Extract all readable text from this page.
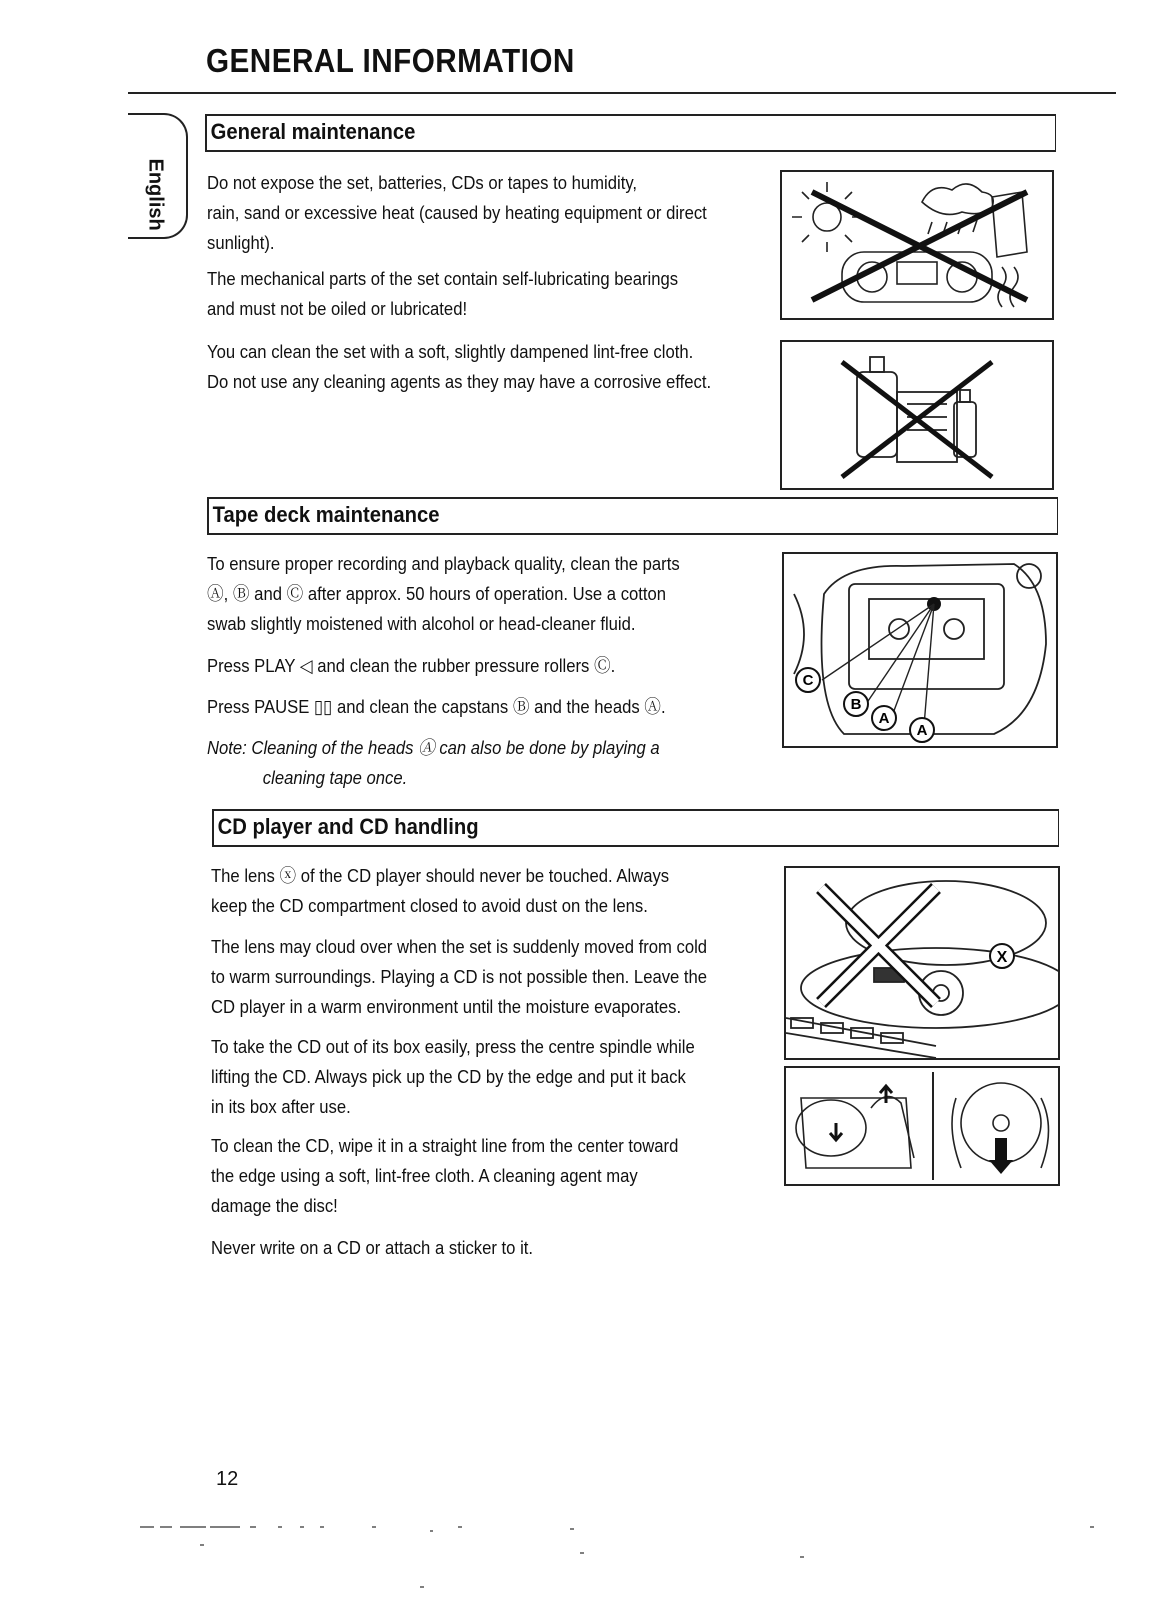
GENERAL INFORMATION
English
General maintenance
Do not expose the set, batteries, CDs or tapes to humidity,
rain, sand or excessive heat (caused by heating equipment or direct
sunlight).
The mechanical parts of the set contain self-lubricating bearings
and must not be oiled or lubricated!
You can clean the set with a soft, slightly dampened lint-free cloth.
Do not use any cleaning agents as they may have a corrosive effect.
Tape deck maintenance
To ensure proper recording and playback quality, clean the parts
Ⓐ, Ⓑ and Ⓒ after approx. 50 hours of operation. Use a cotton
swab slightly moistened with alcohol or head-cleaner fluid.
Press PLAY ◁ and clean the rubber pressure rollers Ⓒ.
Press PAUSE ▯▯ and clean the capstans Ⓑ and the heads Ⓐ.
Note: Cleaning of the heads Ⓐ can also be done by playing a
cleaning tape once.
C
B
A
A
CD player and CD handling
The lens ⓧ of the CD player should never be touched. Always
keep the CD compartment closed to avoid dust on the lens.
The lens may cloud over when the set is suddenly moved from cold
to warm surroundings. Playing a CD is not possible then. Leave the
CD player in a warm environment until the moisture evaporates.
To take the CD out of its box easily, press the centre spindle while
lifting the CD. Always pick up the CD by the edge and put it back
in its box after use.
To clean the CD, wipe it in a straight line from the center toward
the edge using a soft, lint-free cloth. A cleaning agent may
damage the disc!
Never write on a CD or attach a sticker to it.
X
12
